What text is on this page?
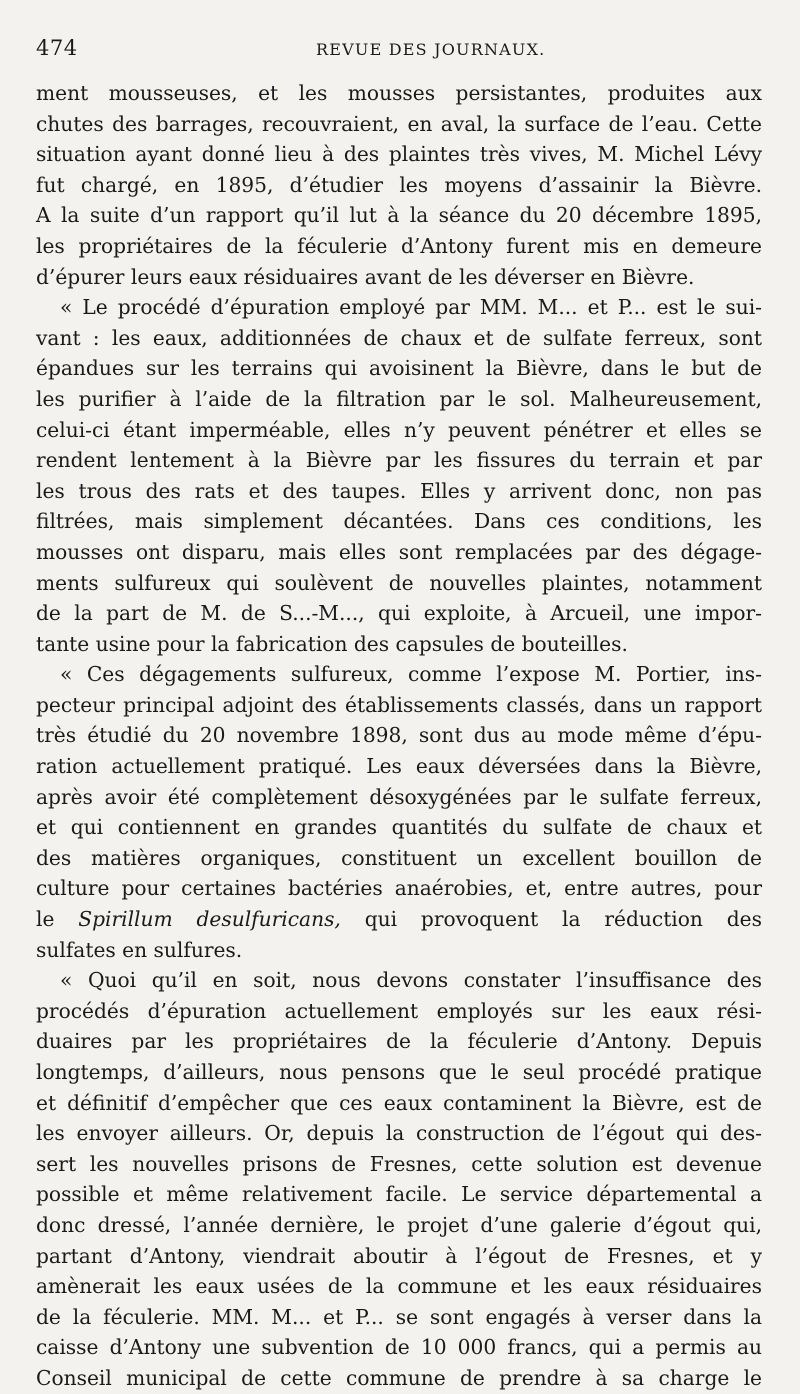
474	REVUE DES JOURNAUX.
ment mousseuses, et les mousses persistantes, produites aux
chutes des barrages, recouvraient, en aval, la surface de l’eau. Cette
situation ayant donné lieu à des plaintes très vives, M. Michel Lévy
fut chargé, en 1895, d’étudier les moyens d’assainir la Bièvre.
A la suite d’un rapport qu’il lut à la séance du 20 décembre 1895,
les propriétaires de la féculerie d’Antony furent mis en demeure
d’épurer leurs eaux résiduaires avant de les déverser en Bièvre.
« Le procédé d’épuration employé par MM. M... et P... est le sui-
vant : les eaux, additionnées de chaux et de sulfate ferreux, sont
épandues sur les terrains qui avoisinent la Bièvre, dans le but de
les purifier à l’aide de la filtration par le sol. Malheureusement,
celui-ci étant imperméable, elles n’y peuvent pénétrer et elles se
rendent lentement à la Bièvre par les fissures du terrain et par
les trous des rats et des taupes. Elles y arrivent donc, non pas
filtrées, mais simplement décantées. Dans ces conditions, les
mousses ont disparu, mais elles sont remplacées par des dégage-
ments sulfureux qui soulèvent de nouvelles plaintes, notamment
de la part de M. de S...-M..., qui exploite, à Arcueil, une impor-
tante usine pour la fabrication des capsules de bouteilles.
« Ces dégagements sulfureux, comme l’expose M. Portier, ins-
pecteur principal adjoint des établissements classés, dans un rapport
très étudié du 20 novembre 1898, sont dus au mode même d’épu-
ration actuellement pratiqué. Les eaux déversées dans la Bièvre,
après avoir été complètement désoxygénées par le sulfate ferreux,
et qui contiennent en grandes quantités du sulfate de chaux et
des matières organiques, constituent un excellent bouillon de
culture pour certaines bactéries anaérobies, et, entre autres, pour
le Spirillum desulfuricans, qui provoquent la réduction des
sulfates en sulfures.
« Quoi qu’il en soit, nous devons constater l’insuffisance des
procédés d’épuration actuellement employés sur les eaux rési-
duaires par les propriétaires de la féculerie d’Antony. Depuis
longtemps, d’ailleurs, nous pensons que le seul procédé pratique
et définitif d’empêcher que ces eaux contaminent la Bièvre, est de
les envoyer ailleurs. Or, depuis la construction de l’égout qui des-
sert les nouvelles prisons de Fresnes, cette solution est devenue
possible et même relativement facile. Le service départemental a
donc dressé, l’année dernière, le projet d’une galerie d’égout qui,
partant d’Antony, viendrait aboutir à l’égout de Fresnes, et y
amènerait les eaux usées de la commune et les eaux résiduaires
de la féculerie. MM. M... et P... se sont engagés à verser dans la
caisse d’Antony une subvention de 10 000 francs, qui a permis au
Conseil municipal de cette commune de prendre à sa charge le
